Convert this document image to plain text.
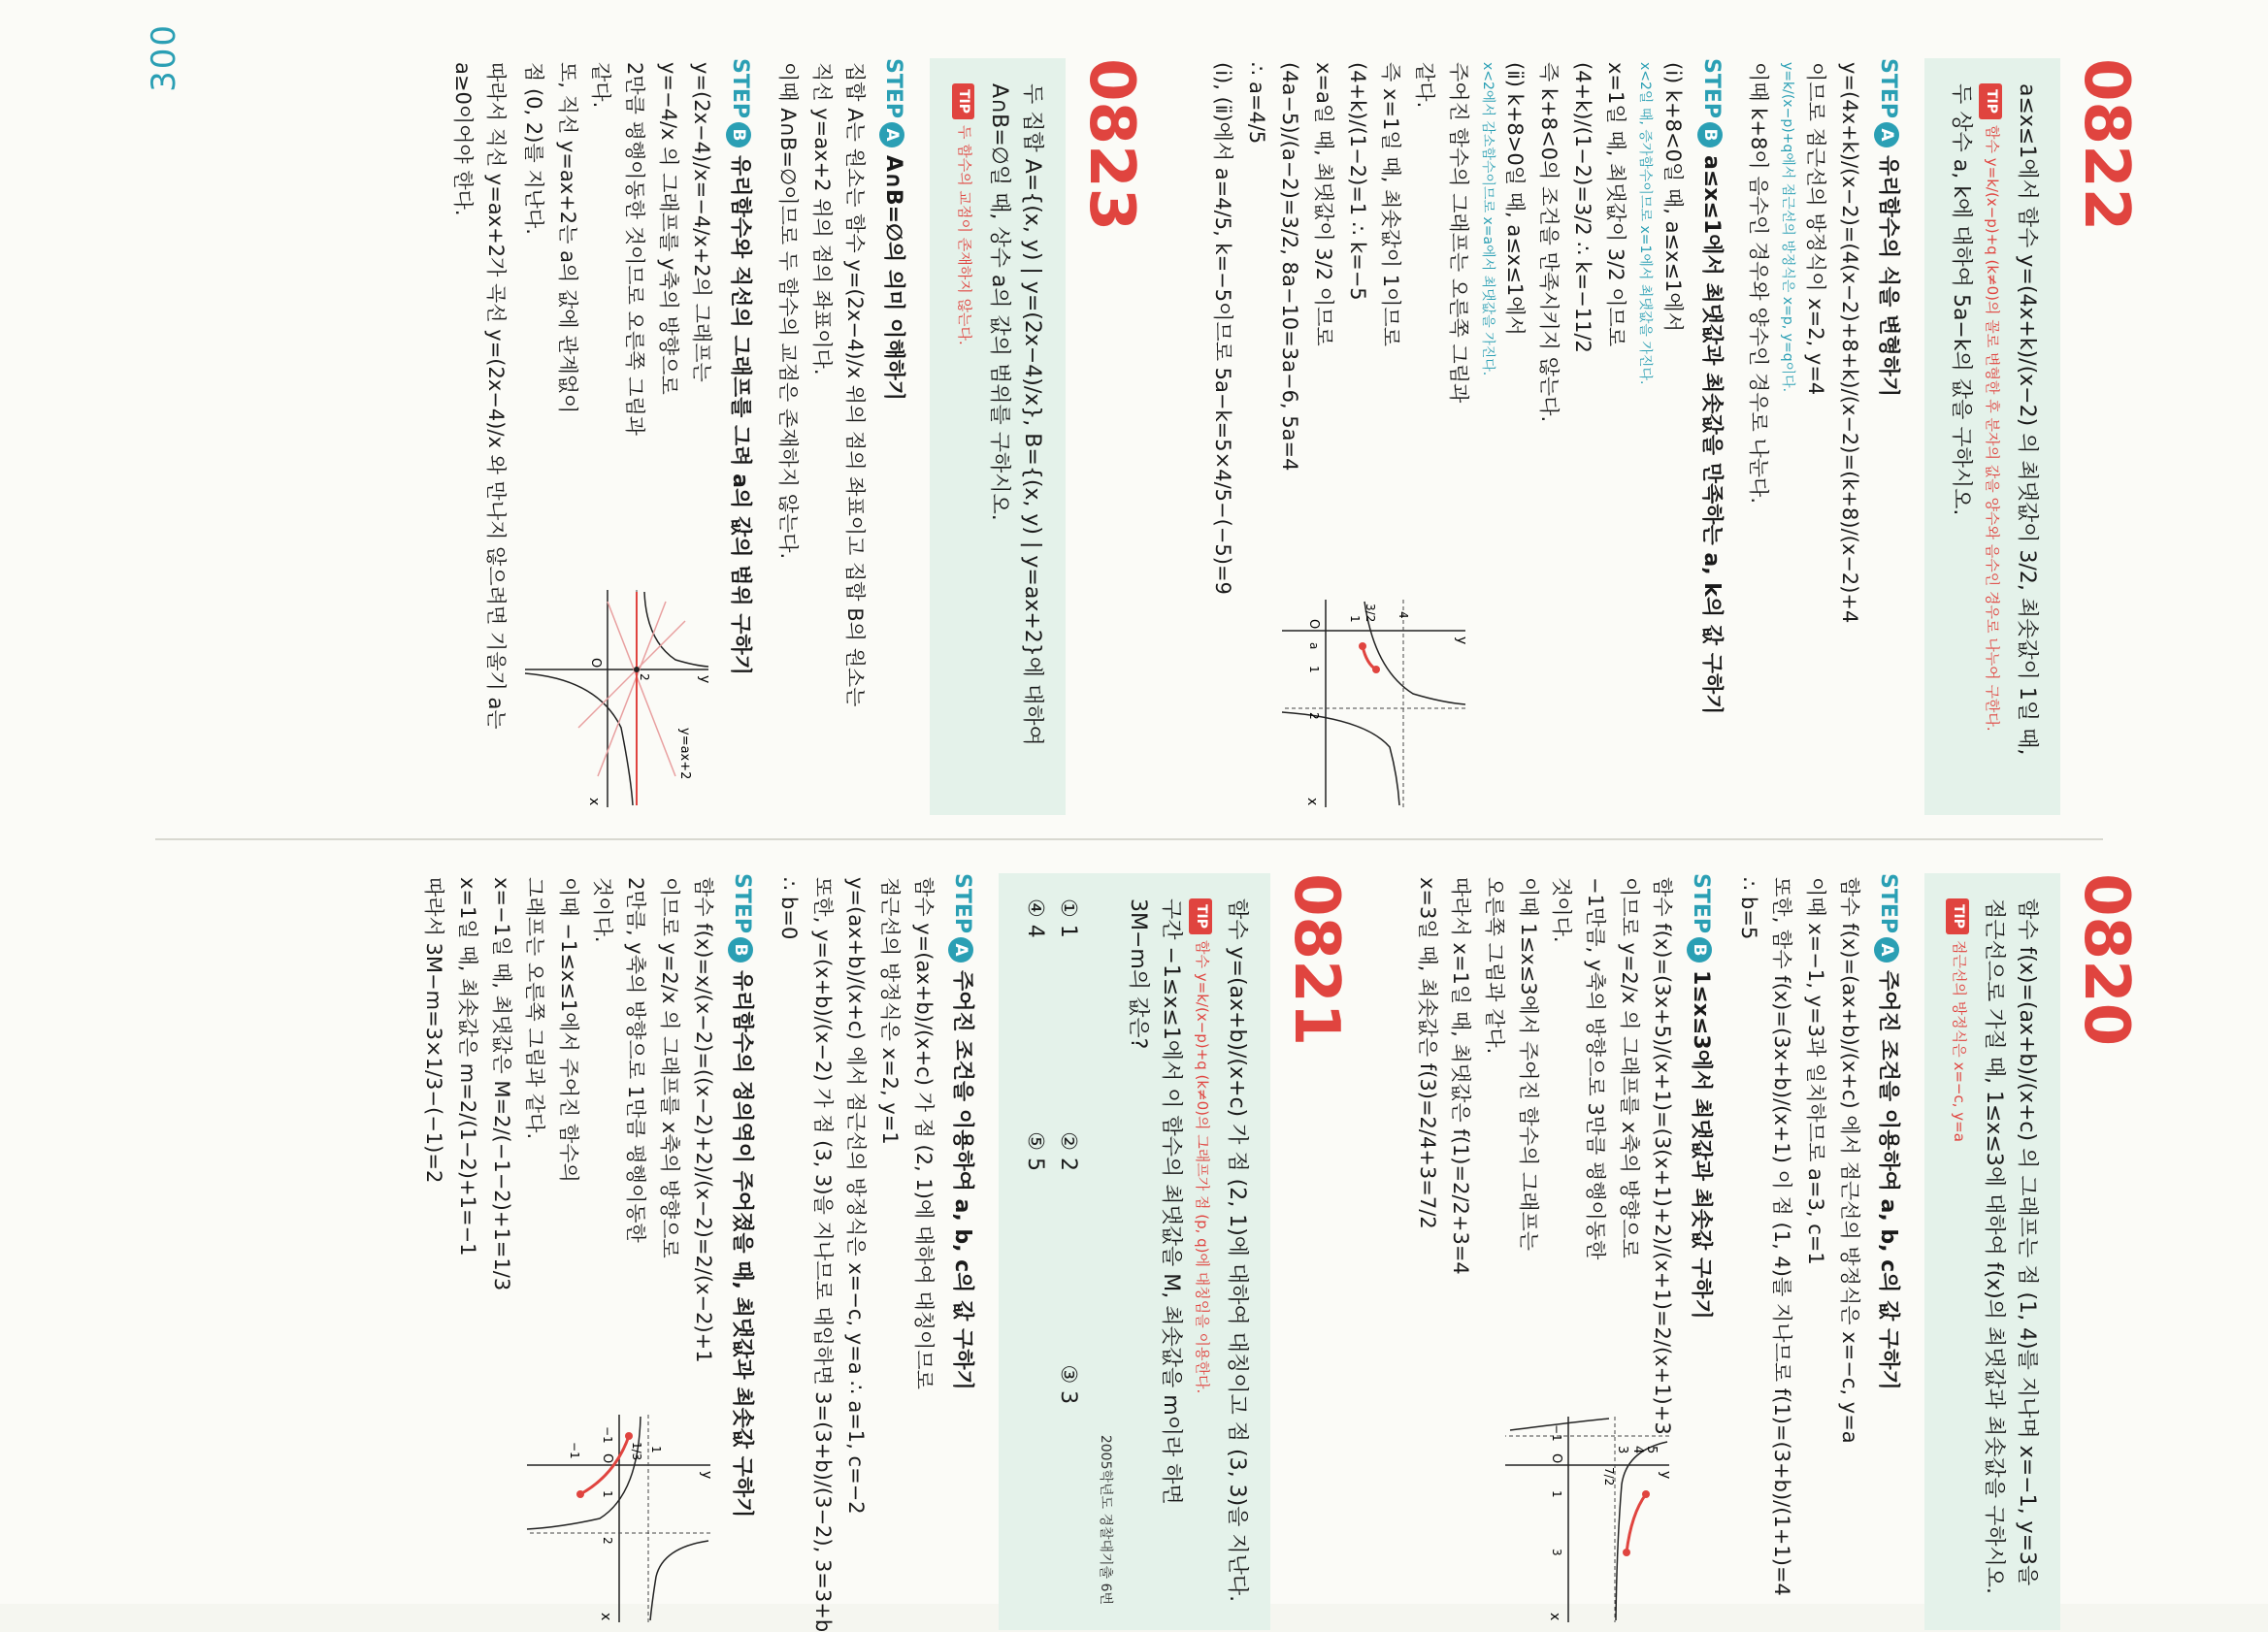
300
0820

함수 f(x)=(ax+b)/(x+c) 의 그래프는 점 (1, 4)를 지나며 x=−1, y=3을 점근선으로 가질 때, 1≤x≤3에 대하여 f(x)의 최댓값과 최솟값을 구하시오.

TIP점근선의 방정식은 x=−c, y=a
STEPA주어진 조건을 이용하여 a, b, c의 값 구하기

함수 f(x)=(ax+b)/(x+c) 에서 점근선의 방정식은 x=−c, y=a

이때 x=−1, y=3과 일치하므로 a=3, c=1

또한, 함수 f(x)=(3x+b)/(x+1) 이 점 (1, 4)를 지나므로 f(1)=(3+b)/(1+1)=4

∴ b=5

STEPB1≤x≤3에서 최댓값과 최솟값 구하기
x
y
O
5
4
3
7/2
−1
1
3

함수 f(x)=(3x+5)/(x+1)=(3(x+1)+2)/(x+1)=2/(x+1)+3

이므로 y=2/x 의 그래프를 x축의 방향으로

−1만큼, y축의 방향으로 3만큼 평행이동한

것이다.

이때 1≤x≤3에서 주어진 함수의 그래프는

오른쪽 그림과 같다.

따라서 x=1일 때, 최댓값은 f(1)=2/2+3=4

x=3일 때, 최솟값은 f(3)=2/4+3=7/2

0821

함수 y=(ax+b)/(x+c) 가 점 (2, 1)에 대하여 대칭이고 점 (3, 3)을 지난다.

TIP함수 y=k/(x−p)+q (k≠0)의 그래프가 점 (p, q)에 대칭임을 이용한다.

구간 −1≤x≤1에서 이 함수의 최댓값을 M, 최솟값을 m이라 하면

3M−m의 값은?

2005학년도 경찰대기출 6번
① 1
② 2
③ 3
④ 4
⑤ 5
STEPA주어진 조건을 이용하여 a, b, c의 값 구하기

함수 y=(ax+b)/(x+c) 가 점 (2, 1)에 대하여 대칭이므로

점근선의 방정식은 x=2, y=1

y=(ax+b)/(x+c) 에서 점근선의 방정식은 x=−c, y=a ∴ a=1, c=−2

또한, y=(x+b)/(x−2) 가 점 (3, 3)을 지나므로 대입하면 3=(3+b)/(3−2), 3=3+b

∴ b=0

STEPB유리함수의 정의역이 주어졌을 때, 최댓값과 최솟값 구하기
x
y
O
1
1/3
−1
−1
1
2

함수 f(x)=x/(x−2)=((x−2)+2)/(x−2)=2/(x−2)+1

이므로 y=2/x 의 그래프를 x축의 방향으로

2만큼, y축의 방향으로 1만큼 평행이동한

것이다.

이때 −1≤x≤1에서 주어진 함수의

그래프는 오른쪽 그림과 같다.

x=−1일 때, 최댓값은 M=2/(−1−2)+1=1/3

x=1일 때, 최솟값은 m=2/(1−2)+1=−1

따라서 3M−m=3×1/3−(−1)=2

0822

a≤x≤1에서 함수 y=(4x+k)/(x−2) 의 최댓값이 3/2, 최솟값이 1일 때,

TIP함수 y=k/(x−p)+q (k≠0)의 꼴로 변형한 후 분자의 값을 양수와 음수인 경우로 나누어 구한다.

두 상수 a, k에 대하여 5a−k의 값을 구하시오.

STEPA유리함수의 식을 변형하기

y=(4x+k)/(x−2)=(4(x−2)+8+k)/(x−2)=(k+8)/(x−2)+4

이므로 점근선의 방정식이 x=2, y=4

y=k/(x−p)+q에서 점근선의 방정식은 x=p, y=q이다.

이때 k+8이 음수인 경우와 양수인 경우로 나눈다.

STEPBa≤x≤1에서 최댓값과 최솟값을 만족하는 a, k의 값 구하기

(ⅰ) k+8<0일 때, a≤x≤1에서

x<2일 때, 증가함수이므로 x=1에서 최댓값을 가진다.

x=1일 때, 최댓값이 3/2 이므로

(4+k)/(1−2)=3/2 ∴ k=−11/2

즉 k+8<0의 조건을 만족시키지 않는다.

(ⅱ) k+8>0일 때, a≤x≤1에서

x<2에서 감소함수이므로 x=a에서 최댓값을 가진다.
x
y
O
4
3/2
1
a
1
2

주어진 함수의 그래프는 오른쪽 그림과

같다.

즉 x=1일 때, 최솟값이 1이므로

(4+k)/(1−2)=1 ∴ k=−5

x=a일 때, 최댓값이 3/2 이므로

(4a−5)/(a−2)=3/2, 8a−10=3a−6, 5a=4

∴ a=4/5

(ⅰ), (ⅱ)에서 a=4/5, k=−5이므로 5a−k=5×4/5−(−5)=9

0823

두 집합 A={(x, y) | y=(2x−4)/x}, B={(x, y) | y=ax+2}에 대하여

A∩B=∅일 때, 상수 a의 값의 범위를 구하시오.

TIP두 함수의 교점이 존재하지 않는다.
STEPAA∩B=∅의 의미 이해하기

집합 A는 원소는 함수 y=(2x−4)/x 위의 점의 좌표이고 집합 B의 원소는

직선 y=ax+2 위의 점의 좌표이다.

이때 A∩B=∅이므로 두 함수의 교점은 존재하지 않는다.

STEPB유리함수와 직선의 그래프를 그려 a의 값의 범위 구하기
x
y
O
2
y=ax+2

y=(2x−4)/x=−4/x+2의 그래프는

y=−4/x 의 그래프를 y축의 방향으로

2만큼 평행이동한 것이므로 오른쪽 그림과

같다.

또, 직선 y=ax+2는 a의 값에 관계없이

점 (0, 2)를 지난다.

따라서 직선 y=ax+2가 곡선 y=(2x−4)/x 와 만나지 않으려면 기울기 a는

a≥0이어야 한다.
